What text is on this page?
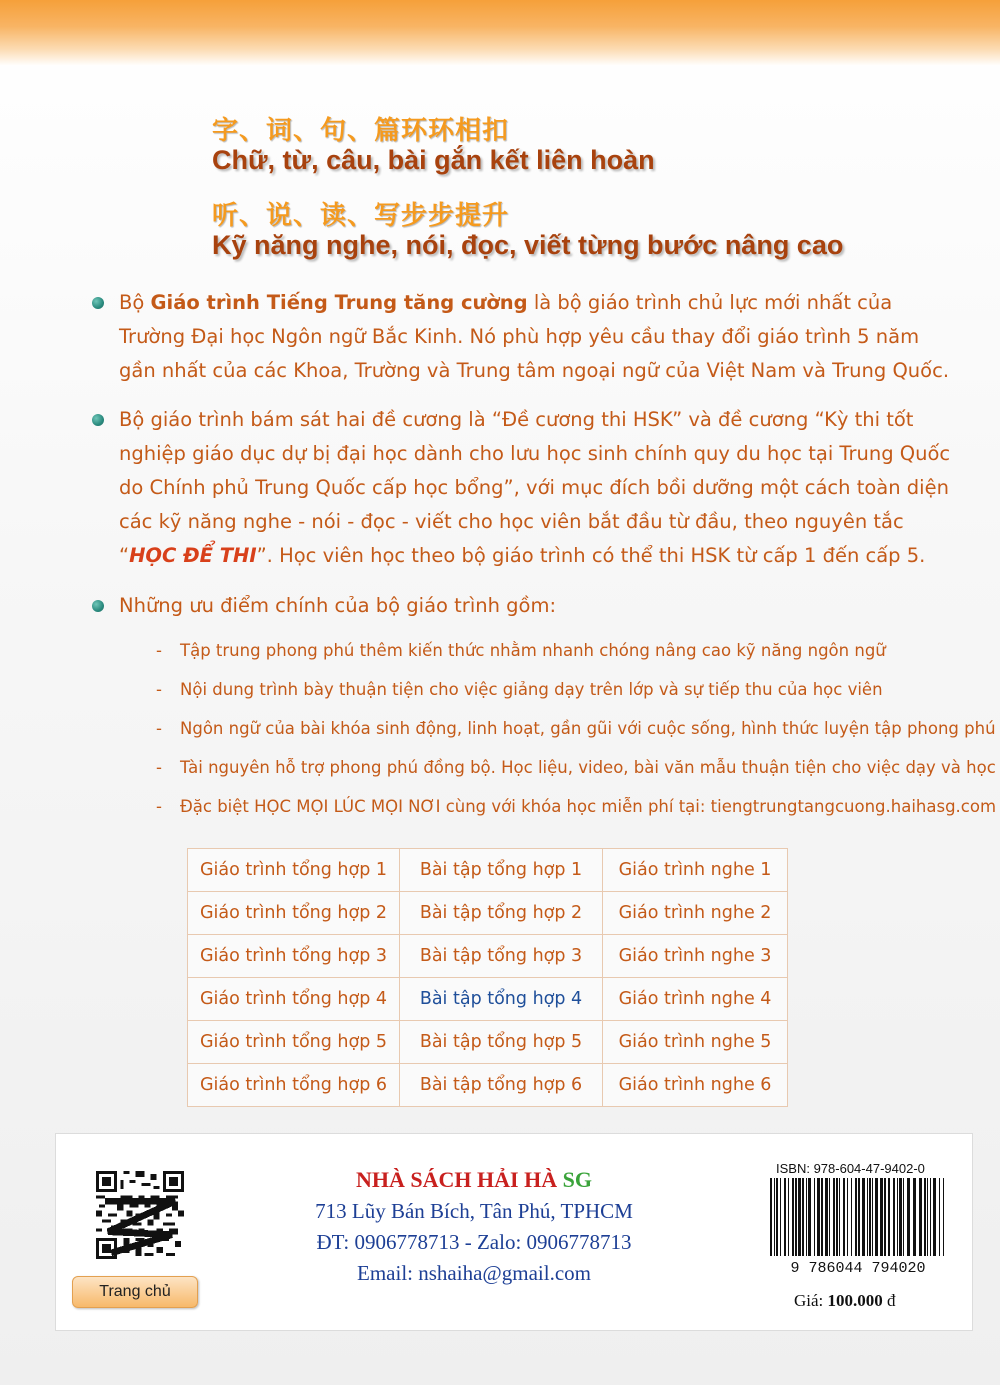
字、词、句、篇环环相扣
Chữ, từ, câu, bài gắn kết liên hoàn
听、说、读、写步步提升
Kỹ năng nghe, nói, đọc, viết từng bước nâng cao
Bộ Giáo trình Tiếng Trung tăng cường là bộ giáo trình chủ lực mới nhất của Trường Đại học Ngôn ngữ Bắc Kinh. Nó phù hợp yêu cầu thay đổi giáo trình 5 năm gần nhất của các Khoa, Trường và Trung tâm ngoại ngữ của Việt Nam và Trung Quốc.
Bộ giáo trình bám sát hai đề cương là “Đề cương thi HSK” và đề cương “Kỳ thi tốt nghiệp giáo dục dự bị đại học dành cho lưu học sinh chính quy du học tại Trung Quốc do Chính phủ Trung Quốc cấp học bổng”, với mục đích bồi dưỡng một cách toàn diện các kỹ năng nghe - nói - đọc - viết cho học viên bắt đầu từ đầu, theo nguyên tắc “HỌC ĐỂ THI”. Học viên học theo bộ giáo trình có thể thi HSK từ cấp 1 đến cấp 5.
Những ưu điểm chính của bộ giáo trình gồm:
- Tập trung phong phú thêm kiến thức nhằm nhanh chóng nâng cao kỹ năng ngôn ngữ
- Nội dung trình bày thuận tiện cho việc giảng dạy trên lớp và sự tiếp thu của học viên
- Ngôn ngữ của bài khóa sinh động, linh hoạt, gần gũi với cuộc sống, hình thức luyện tập phong phú
- Tài nguyên hỗ trợ phong phú đồng bộ. Học liệu, video, bài văn mẫu thuận tiện cho việc dạy và học
- Đặc biệt HỌC MỌI LÚC MỌI NƠI cùng với khóa học miễn phí tại: tiengtrungtangcuong.haihasg.com
Giáo trình tổng hợp 1	Bài tập tổng hợp 1	Giáo trình nghe 1
Giáo trình tổng hợp 2	Bài tập tổng hợp 2	Giáo trình nghe 2
Giáo trình tổng hợp 3	Bài tập tổng hợp 3	Giáo trình nghe 3
Giáo trình tổng hợp 4	Bài tập tổng hợp 4	Giáo trình nghe 4
Giáo trình tổng hợp 5	Bài tập tổng hợp 5	Giáo trình nghe 5
Giáo trình tổng hợp 6	Bài tập tổng hợp 6	Giáo trình nghe 6
Trang chủ
NHÀ SÁCH HẢI HÀ SG
713 Lũy Bán Bích, Tân Phú, TPHCM
ĐT: 0906778713 - Zalo: 0906778713
Email: nshaiha@gmail.com
ISBN: 978-604-47-9402-0
9 786044 794020
Giá: 100.000 đ
